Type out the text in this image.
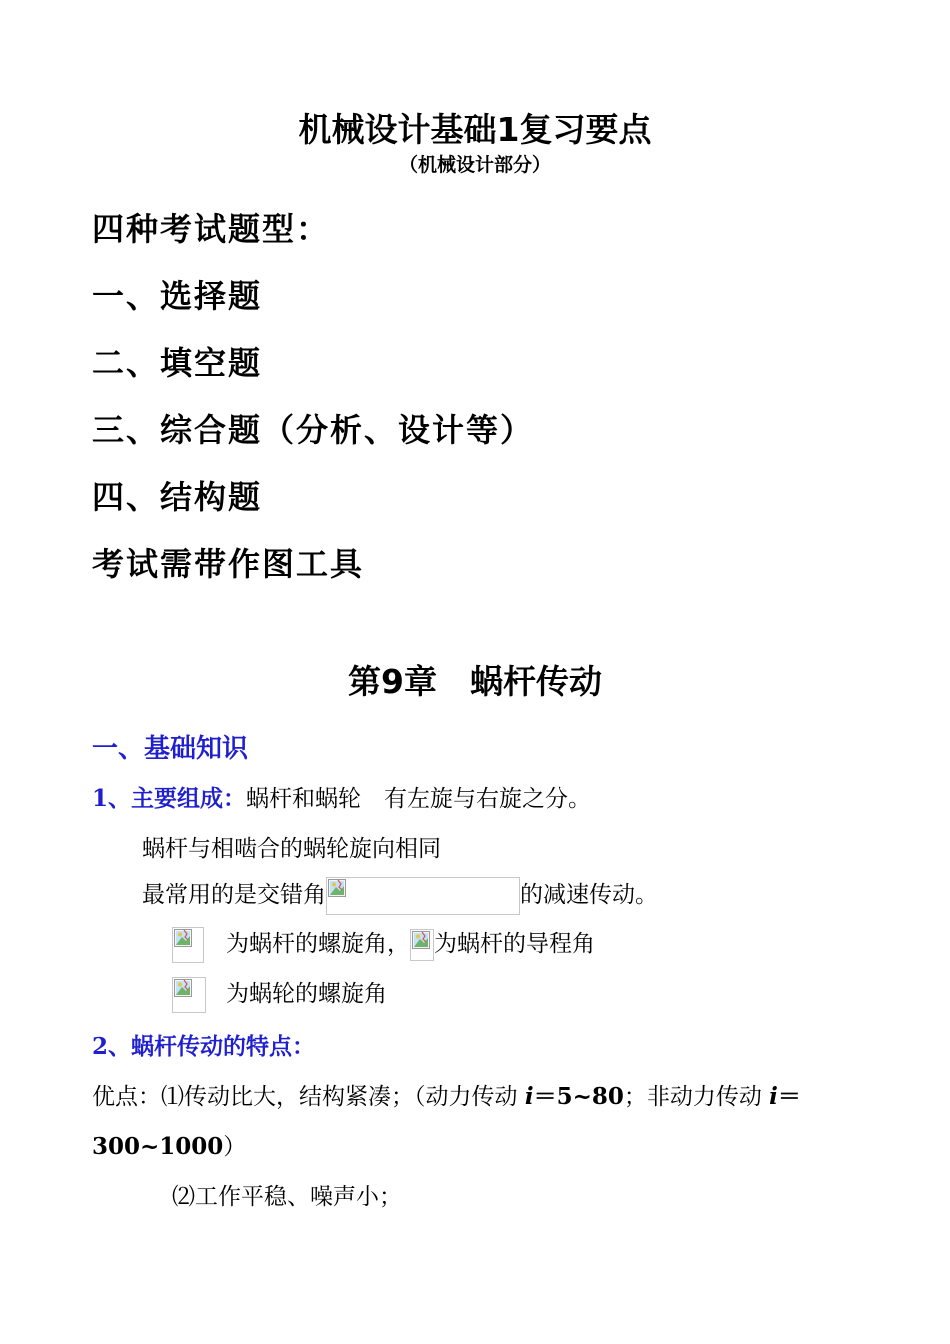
机械设计基础1复习要点
（机械设计部分）
四种考试题型：
一、选择题
二、填空题
三、综合题（分析、设计等）
四、结构题
考试需带作图工具
第9章　蜗杆传动
一、基础知识
1、主要组成：蜗杆和蜗轮　有左旋与右旋之分。
蜗杆与相啮合的蜗轮旋向相同
最常用的是交错角	的减速传动。
为蜗杆的螺旋角， 为蜗杆的导程角
为蜗轮的螺旋角
2、蜗杆传动的特点：
优点：⑴传动比大，结构紧凑；（动力传动 i＝5~80；非动力传动 i＝
300~1000）
⑵工作平稳、噪声小；
